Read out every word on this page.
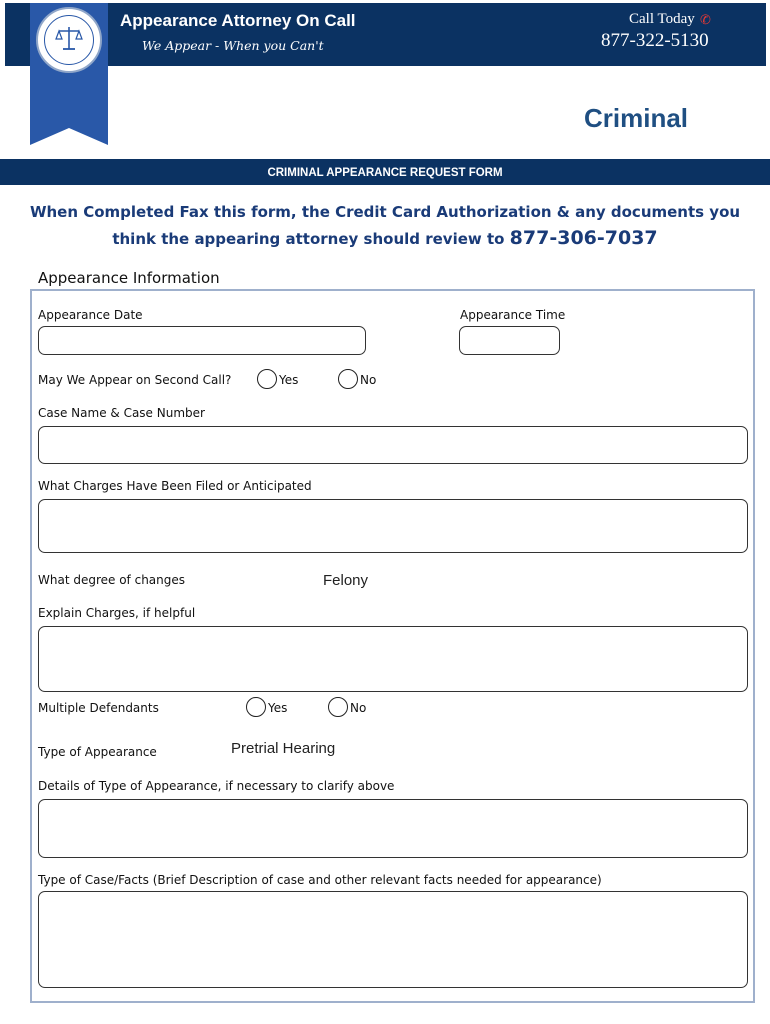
Appearance Attorney On Call
We Appear - When you Can't
Call Today ✆
877-322-5130
Criminal
CRIMINAL APPEARANCE REQUEST FORM
When Completed Fax this form, the Credit Card Authorization & any documents you think the appearing attorney should review to 877-306-7037
Appearance Information
Appearance Date	Appearance Time
May We Appear on Second Call?	Yes	No
Case Name & Case Number
What Charges Have Been Filed or Anticipated
What degree of changes	Felony
Explain Charges, if helpful
Multiple Defendants	Yes	No
Type of Appearance	Pretrial Hearing
Details of Type of Appearance, if necessary to clarify above
Type of Case/Facts (Brief Description of case and other relevant facts needed for appearance)
